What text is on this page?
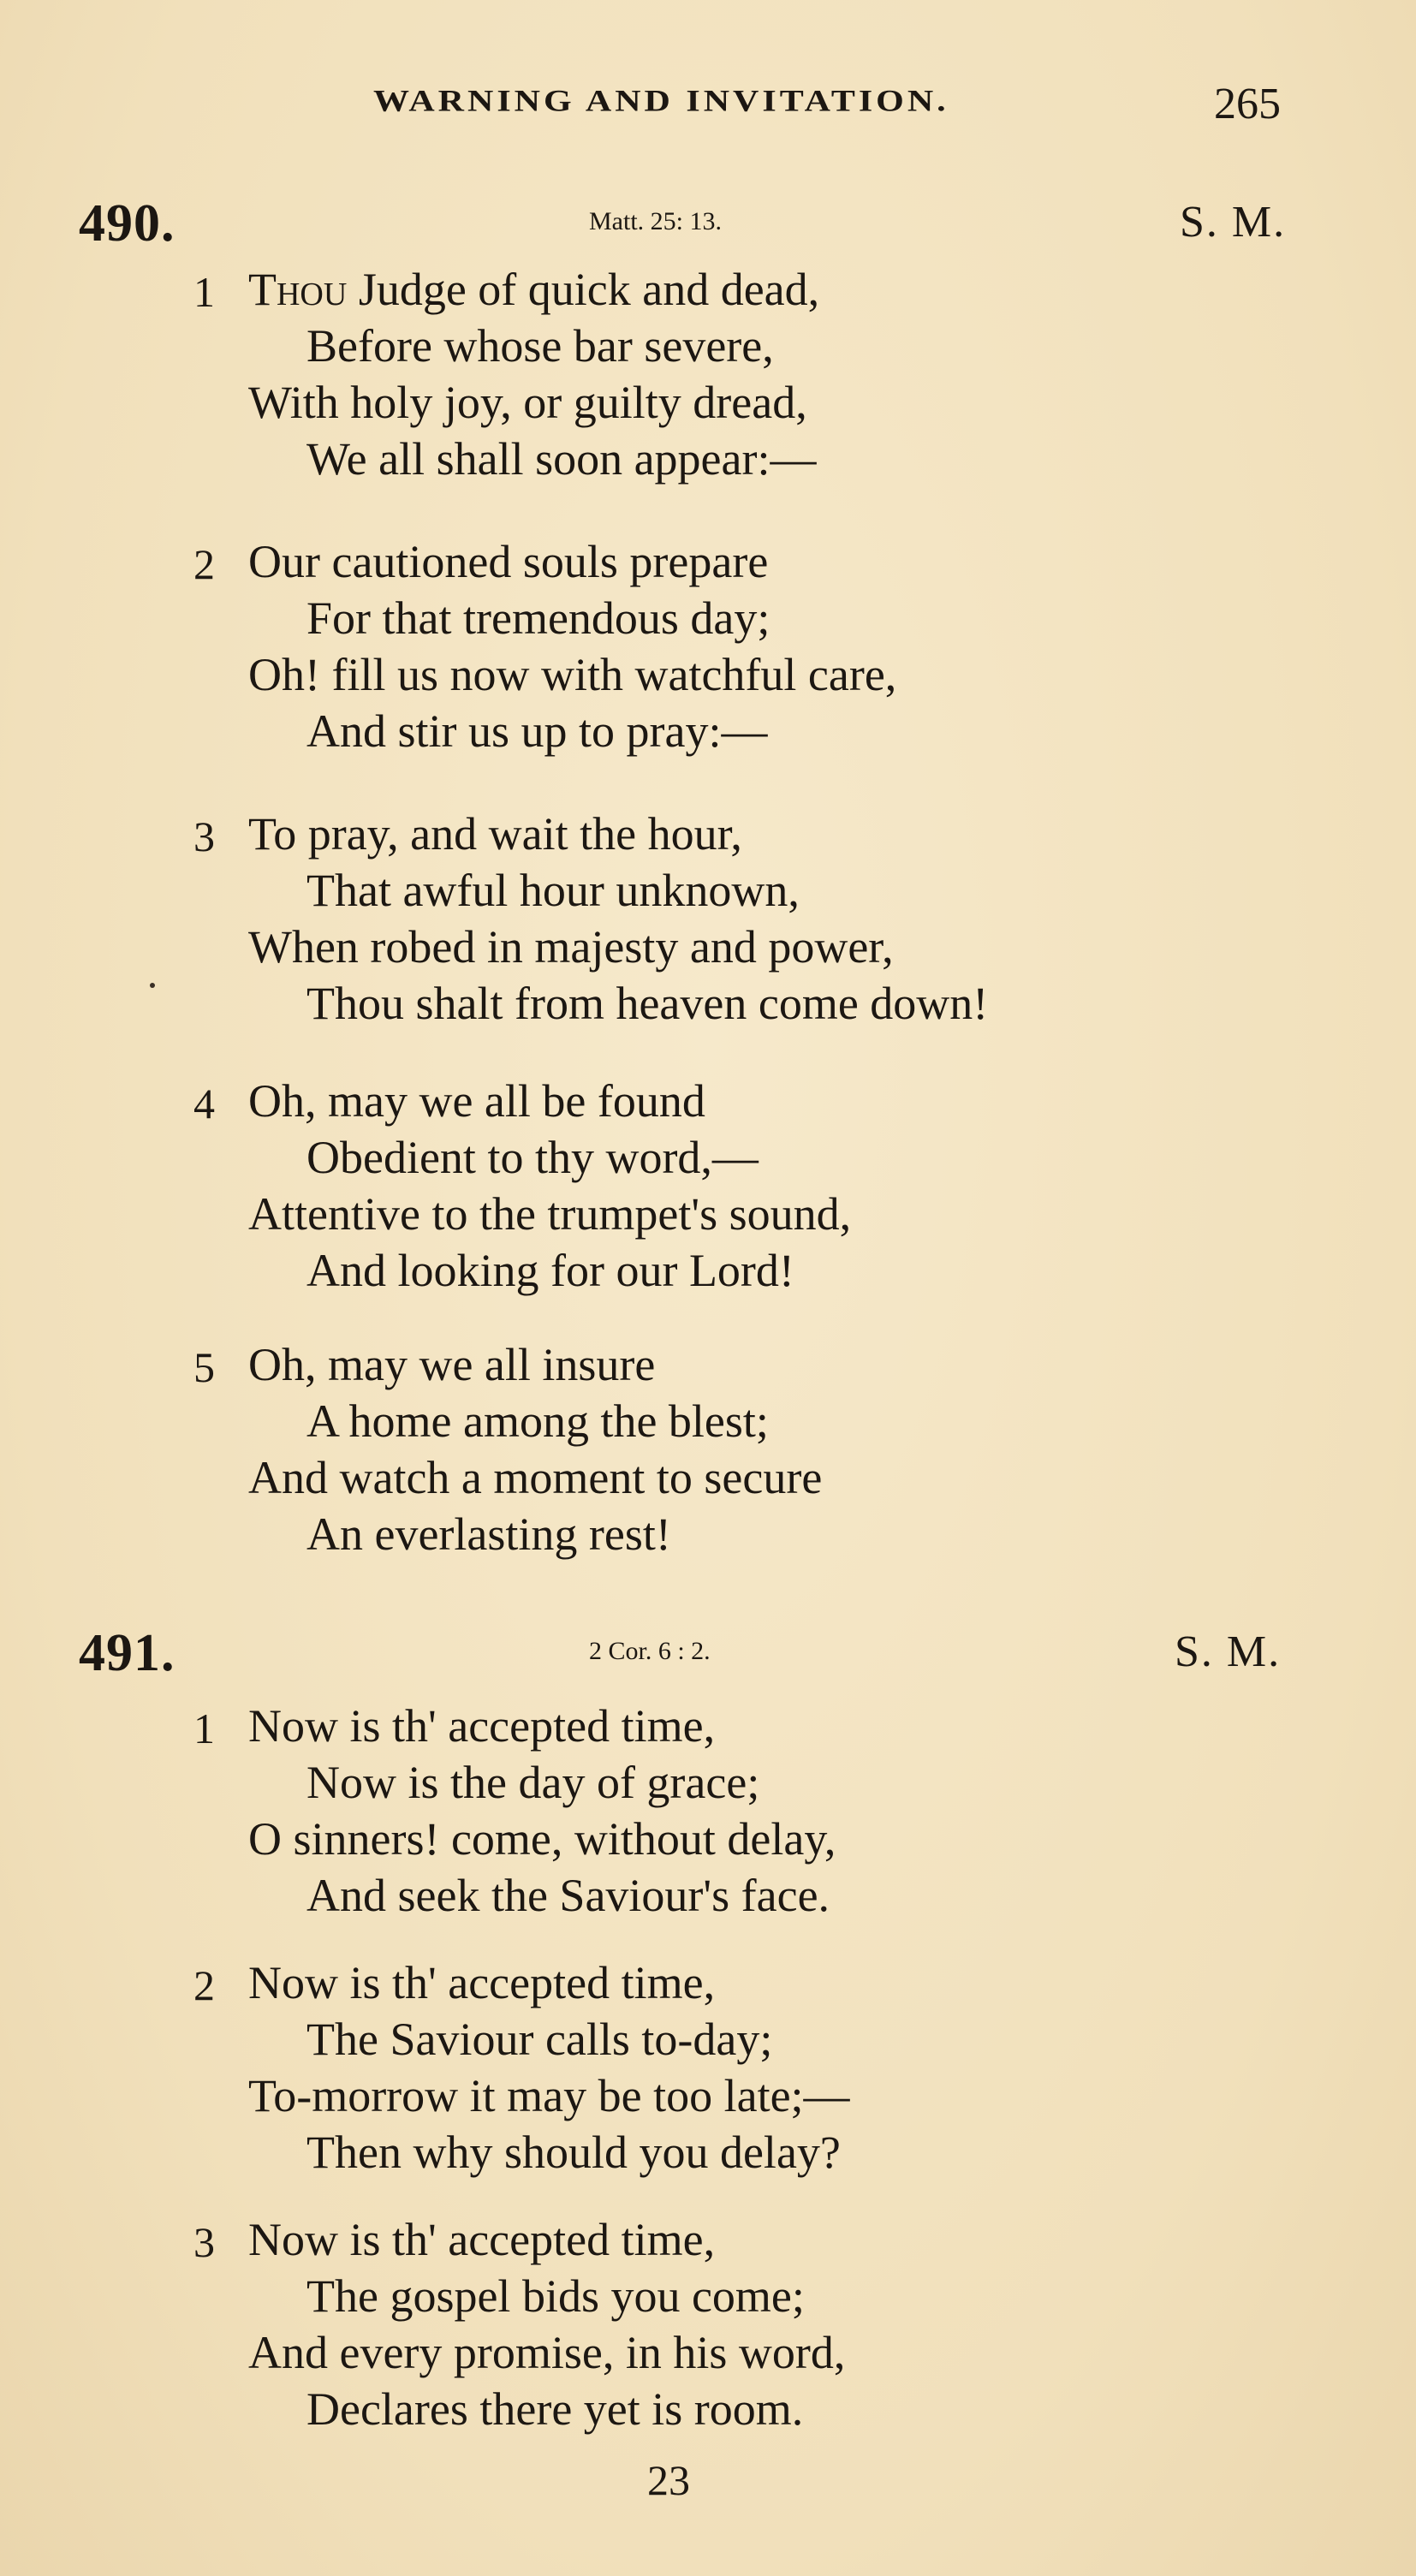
WARNING AND INVITATION.	265
490.	Matt. 25: 13.	S. M.
1 Thou Judge of quick and dead,
Before whose bar severe,
With holy joy, or guilty dread,
We all shall soon appear:—
2 Our cautioned souls prepare
For that tremendous day;
Oh! fill us now with watchful care,
And stir us up to pray:—
3 To pray, and wait the hour,
That awful hour unknown,
When robed in majesty and power,
Thou shalt from heaven come down!
4 Oh, may we all be found
Obedient to thy word,—
Attentive to the trumpet's sound,
And looking for our Lord!
5 Oh, may we all insure
A home among the blest;
And watch a moment to secure
An everlasting rest!
491.	2 Cor. 6 : 2.	S. M.
1 Now is th' accepted time,
Now is the day of grace;
O sinners! come, without delay,
And seek the Saviour's face.
2 Now is th' accepted time,
The Saviour calls to-day;
To-morrow it may be too late;—
Then why should you delay?
3 Now is th' accepted time,
The gospel bids you come;
And every promise, in his word,
Declares there yet is room.
23
